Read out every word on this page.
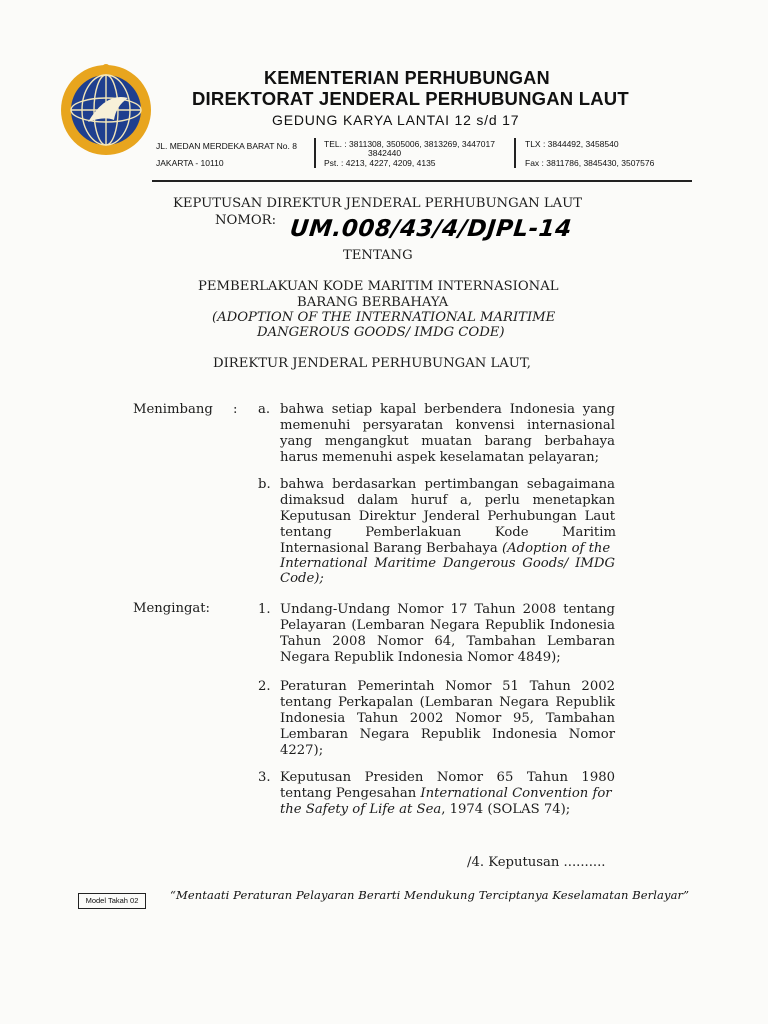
KEMENTERIAN PERHUBUNGAN
DIREKTORAT JENDERAL PERHUBUNGAN LAUT
GEDUNG KARYA LANTAI 12 s/d 17
JL. MEDAN MERDEKA BARAT No. 8
JAKARTA - 10110
TEL. : 3811308, 3505006, 3813269, 3447017
3842440
Pst. : 4213, 4227, 4209, 4135
TLX : 3844492, 3458540
Fax : 3811786, 3845430, 3507576
KEPUTUSAN DIREKTUR JENDERAL PERHUBUNGAN LAUT
NOMOR: UM.008/43/4/DJPL-14
TENTANG
PEMBERLAKUAN KODE MARITIM INTERNASIONAL
BARANG BERBAHAYA
(ADOPTION OF THE INTERNATIONAL MARITIME
DANGEROUS GOODS/ IMDG CODE)
DIREKTUR JENDERAL PERHUBUNGAN LAUT,
Menimbang : a. bahwa setiap kapal berbendera Indonesia yang
memenuhi persyaratan konvensi internasional
yang mengangkut muatan barang berbahaya
harus memenuhi aspek keselamatan pelayaran;
b. bahwa berdasarkan pertimbangan sebagaimana
dimaksud dalam huruf a, perlu menetapkan
Keputusan Direktur Jenderal Perhubungan Laut
tentang        Pemberlakuan        Kode        Maritim
Internasional Barang Berbahaya (Adoption of the
International Maritime Dangerous Goods/ IMDG
Code);
Mengingat:	1. Undang-Undang Nomor 17 Tahun 2008 tentang
Pelayaran (Lembaran Negara Republik Indonesia
Tahun 2008 Nomor 64, Tambahan Lembaran
Negara Republik Indonesia Nomor 4849);
2. Peraturan Pemerintah Nomor 51 Tahun 2002
tentang Perkapalan (Lembaran Negara Republik
Indonesia Tahun 2002 Nomor 95, Tambahan
Lembaran Negara Republik Indonesia Nomor
4227);
3. Keputusan Presiden Nomor 65 Tahun 1980
tentang Pengesahan International Convention for
the Safety of Life at Sea, 1974 (SOLAS 74);
/4. Keputusan ..........
Model Takah 02	“Mentaati Peraturan Pelayaran Berarti Mendukung Terciptanya Keselamatan Berlayar”
